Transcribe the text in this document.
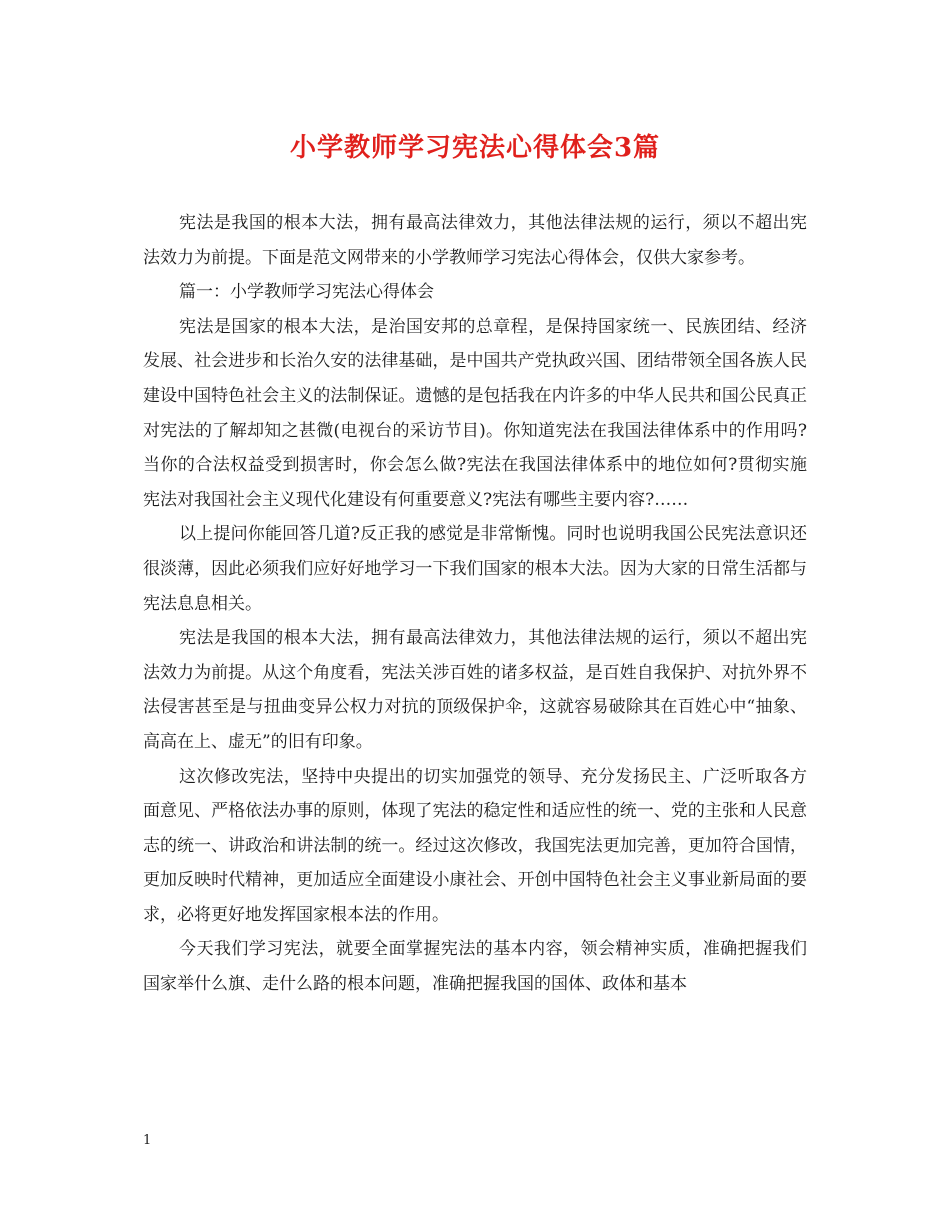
小学教师学习宪法心得体会3篇

宪法是我国的根本大法，拥有最高法律效力，其他法律法规的运行，须以不超出宪法效力为前提。下面是范文网带来的小学教师学习宪法心得体会，仅供大家参考。

篇一：小学教师学习宪法心得体会

宪法是国家的根本大法，是治国安邦的总章程，是保持国家统一、民族团结、经济发展、社会进步和长治久安的法律基础，是中国共产党执政兴国、团结带领全国各族人民建设中国特色社会主义的法制保证。遗憾的是包括我在内许多的中华人民共和国公民真正对宪法的了解却知之甚微(电视台的采访节目)。你知道宪法在我国法律体系中的作用吗?当你的合法权益受到损害时，你会怎么做?宪法在我国法律体系中的地位如何?贯彻实施宪法对我国社会主义现代化建设有何重要意义?宪法有哪些主要内容?……

以上提问你能回答几道?反正我的感觉是非常惭愧。同时也说明我国公民宪法意识还很淡薄，因此必须我们应好好地学习一下我们国家的根本大法。因为大家的日常生活都与宪法息息相关。

宪法是我国的根本大法，拥有最高法律效力，其他法律法规的运行，须以不超出宪法效力为前提。从这个角度看，宪法关涉百姓的诸多权益，是百姓自我保护、对抗外界不法侵害甚至是与扭曲变异公权力对抗的顶级保护伞，这就容易破除其在百姓心中“抽象、高高在上、虚无”的旧有印象。

这次修改宪法，坚持中央提出的切实加强党的领导、充分发扬民主、广泛听取各方面意见、严格依法办事的原则，体现了宪法的稳定性和适应性的统一、党的主张和人民意志的统一、讲政治和讲法制的统一。经过这次修改，我国宪法更加完善，更加符合国情，更加反映时代精神，更加适应全面建设小康社会、开创中国特色社会主义事业新局面的要求，必将更好地发挥国家根本法的作用。

今天我们学习宪法，就要全面掌握宪法的基本内容，领会精神实质，准确把握我们国家举什么旗、走什么路的根本问题，准确把握我国的国体、政体和基本

1
